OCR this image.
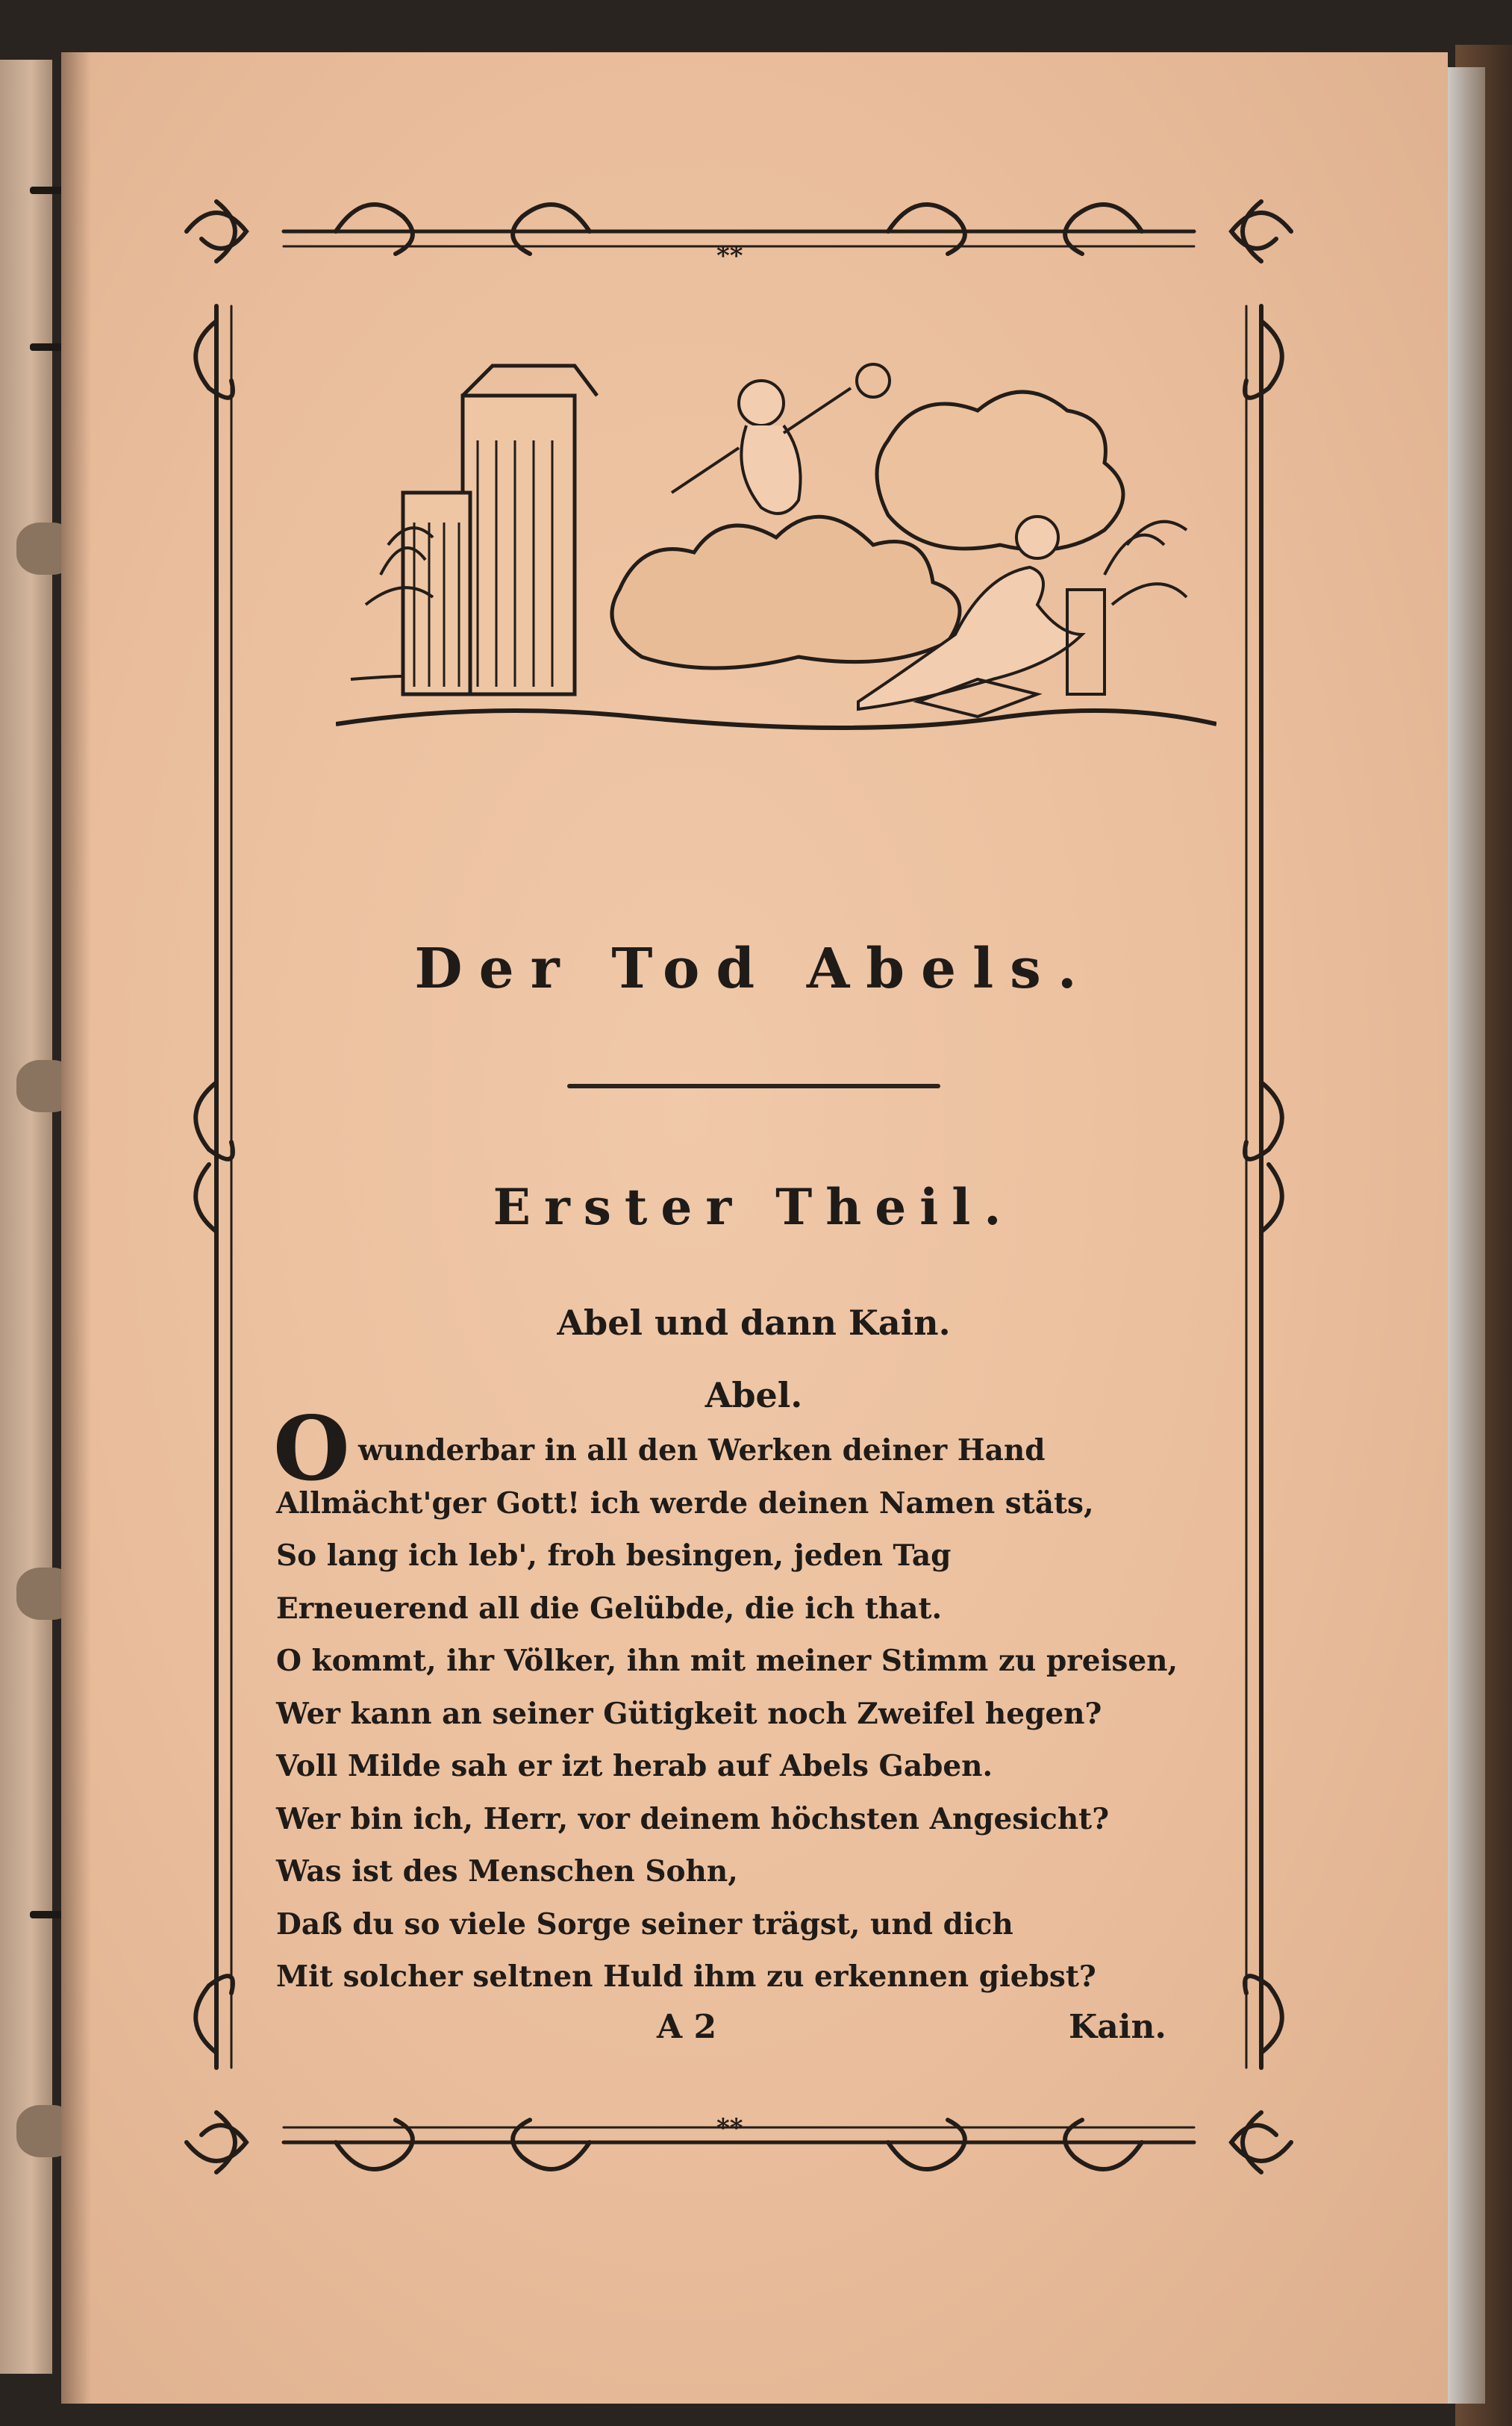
**
**
Der Tod Abels.
Erster Theil.
Abel und dann Kain.
Abel.
O wunderbar in all den Werken deiner Hand
Allmächt'ger Gott! ich werde deinen Namen stäts,
So lang ich leb', froh besingen, jeden Tag
Erneuerend all die Gelübde, die ich that.
O kommt, ihr Völker, ihn mit meiner Stimm zu preisen,
Wer kann an seiner Gütigkeit noch Zweifel hegen?
Voll Milde sah er izt herab auf Abels Gaben.
Wer bin ich, Herr, vor deinem höchsten Angesicht?
Was ist des Menschen Sohn,
Daß du so viele Sorge seiner trägst, und dich
Mit solcher seltnen Huld ihm zu erkennen giebst?
A 2	Kain.
